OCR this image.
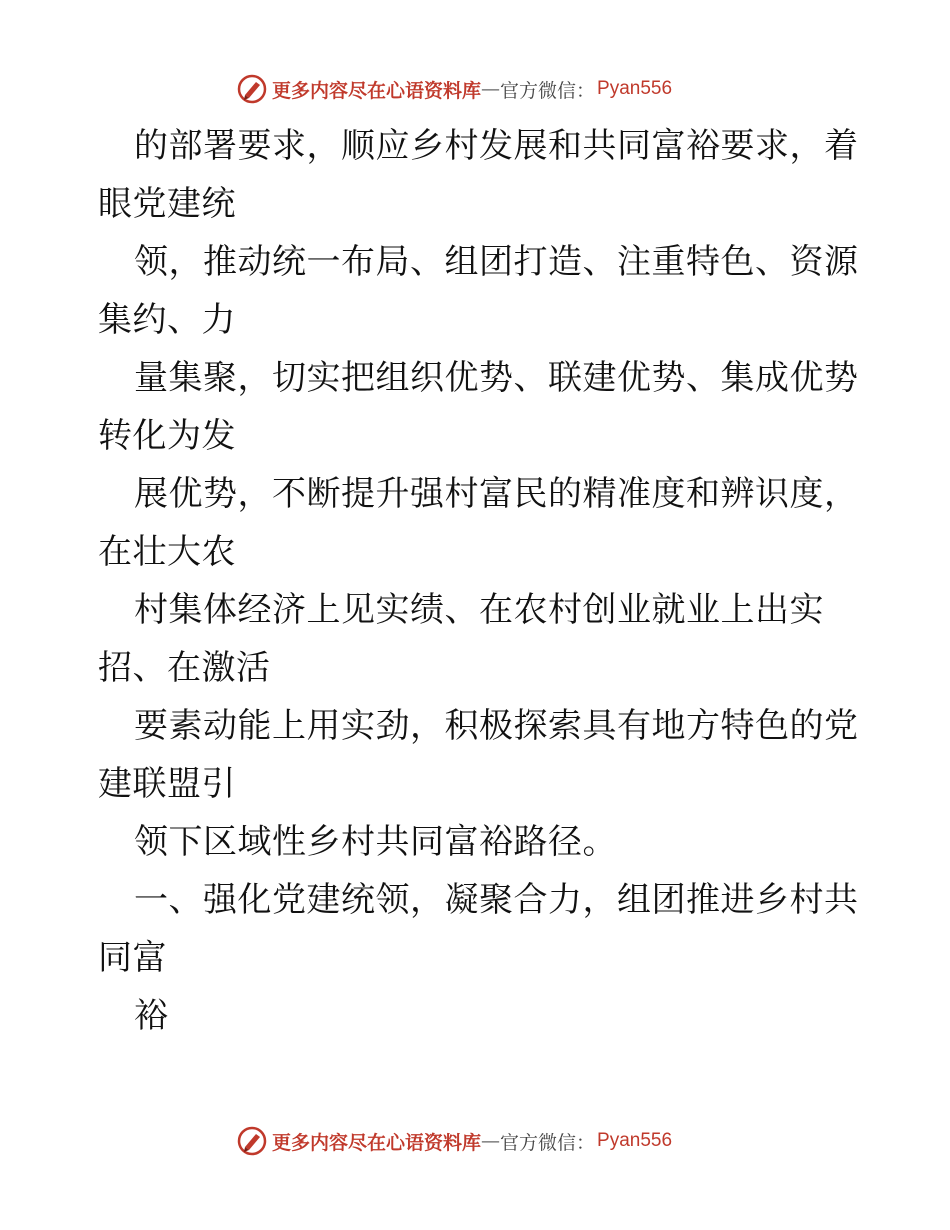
更多内容尽在心语资料库 — 官方微信： Pyan556
的部署要求，顺应乡村发展和共同富裕要求，着
眼党建统
领，推动统一布局、组团打造、注重特色、资源
集约、力
量集聚，切实把组织优势、联建优势、集成优势
转化为发
展优势，不断提升强村富民的精准度和辨识度，
在壮大农
村集体经济上见实绩、在农村创业就业上出实
招、在激活
要素动能上用实劲，积极探索具有地方特色的党
建联盟引
领下区域性乡村共同富裕路径。
一、强化党建统领，凝聚合力，组团推进乡村共
同富
裕
更多内容尽在心语资料库 — 官方微信： Pyan556
